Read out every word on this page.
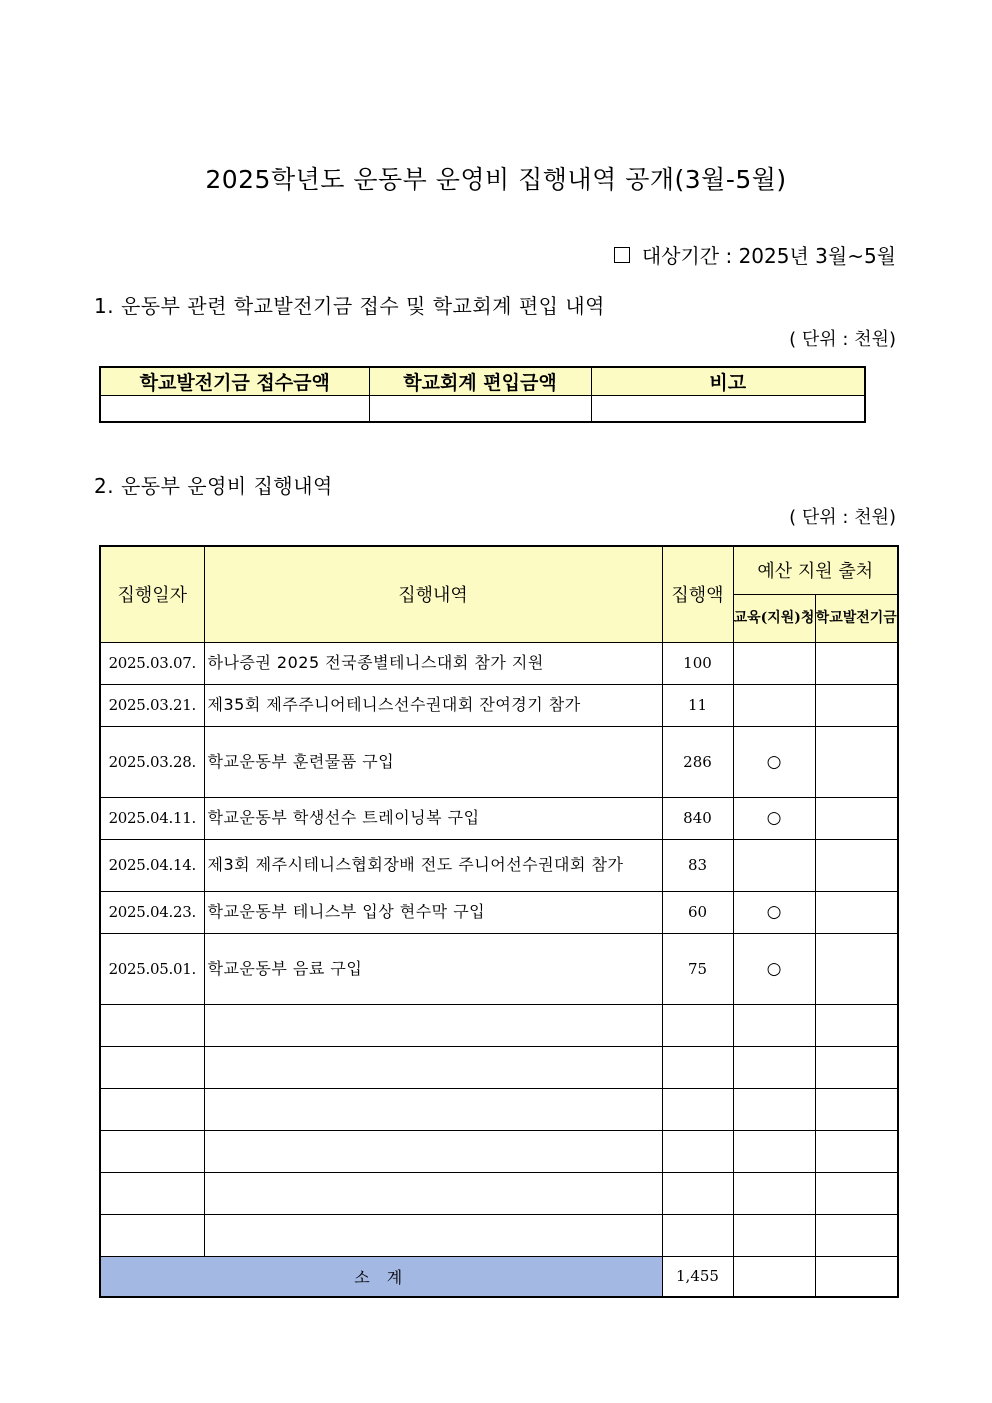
2025학년도 운동부 운영비 집행내역 공개(3월-5월)
대상기간 : 2025년 3월~5월
1. 운동부 관련 학교발전기금 접수 및 학교회계 편입 내역
( 단위 : 천원)
학교발전기금 접수금액	학교회계 편입금액	비고

2. 운동부 운영비 집행내역
( 단위 : 천원)
집행일자	집행내역	집행액	예산 지원 출처	
			교육(지원)청	학교발전기금
2025.03.07.	하나증권 2025 전국종별테니스대회 참가 지원	100		
2025.03.21.	제35회 제주주니어테니스선수권대회 잔여경기 참가	11		
2025.03.28.	학교운동부 훈련물품 구입	286	○	
2025.04.11.	학교운동부 학생선수 트레이닝복 구입	840	○	
2025.04.14.	제3회 제주시테니스협회장배 전도 주니어선수권대회 참가	83		
2025.04.23.	학교운동부 테니스부 입상 현수막 구입	60	○	
2025.05.01.	학교운동부 음료 구입	75	○	

소 계		1,455		
